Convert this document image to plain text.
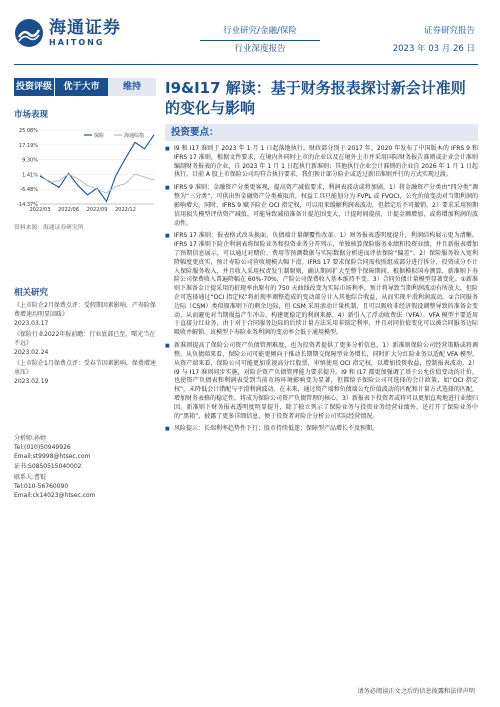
海通证券
HAITONG
行业研究/金融/保险
行业深度报告
证券研究报告
2023 年 03 月 26 日
投资评级	优于大市	维持
市场表现
25.08%
17.19%
9.30%
1.41%
-6.48%
-14.37%
2022/03 2022/06 2022/09 2022/12
保险	海通综指
资料来源：海通证券研究所
相关研究
《上市险企2月保费点评：受假期因素影响，产寿险保费增速均明显回暖》
2023.03.17
《保险行业2022年报前瞻：行业底部已至，曙光当在不远》
2023.02.24
《上市险企1月保费点评：受春节因素影响，保费增速承压》
2023.02.19
分析师:孙婷
Tel:(010)50949926
Email:st9998@htsec.com
证书:S0850515040002
联系人:曹锟
Tel:010-56760090
Email:ck14023@htsec.com
I9&I17 解读：基于财务报表探讨新会计准则的变化与影响
投资要点：
■ I9 和 I17 准则于 2023 年 1 月 1 日起落地执行。财政部分别于 2017 年、2020 年发布了中国版本的 IFRS 9 和 IFRS 17 准则，根据文件要求，在境内外同时上市的企业以及在境外上市并采用国际财务报告准则或企业会计准则编制财务报表的企业，自 2023 年 1 月 1 日起执行新准则；其他执行企业会计准则的企业自 2026 年 1 月 1 日起执行。目前 A 股上市保险公司均符合执行要求，我们预计部分险企或适过新旧准则并行的方式实现过渡。
■ IFRS 9 准则：金融资产分类更客观，提高资产减值要求，利润表波动或将加剧。1）将金融资产分类由“四分类”调整为“三分类”，可供出售金融资产分类被取消，权益工具只能划分为 FVPL 或 FVOCI，公允价值变动对当期利润的影响增大。同时，IFRS 9 赋予险企 OCI 指定权，可以用来缓解利润表波动，但指定后不可撤销。2）要求采用预期信用损失模型评估资产减值，可能导致减值准备计提范围变大，计提时间提前，计提金额增加，或将增加利润的波动性。
■ IFRS 17 准则：报表格式改头换面，负债端计量颠覆性改革。1）财务报表透明度提升，利润结构展示更为清晰。IFRS 17 准则下险企利润表将保险业务和投资业务分开列示，单独核算保险服务业绩和投资业绩，并且新报表增加了预期信息展示，可以通过对赌价、费用等预测数据与实际数据分析进而评估保险“偏差”。2）保险服务收入宽利降幅度更真实，预计寿险公司营收规模大幅下滑。IFRS 17 要求保险合同需按照组成部分进行拆分，投资成分不计入保险服务收入，并且收入采用权责发生制原则，确认期间扩大至整个保障期间。根据模拟国寿测算，新准则下寿险公司保费收入普遍降幅在 60%-70%，产险公司保费收入基本维持不变。3）合同负债计量模型显著变化。①新准则下准备金计提采用的折现率由原有的 750 天曲线改变为实际市场利率，预计将导致当期利润波动有所放大，但险企可选择通过“OCI 指定权”将折现率调整造成的变动部分计入其他综合收益，从而实现平滑利润波动。②合同服务边际（CSM）类似原准则下的剩余边际，但 CSM 采用滚动计量机制，且可以吸收非经济假设调整导致的准备金变动，从而避免对当期损益产生冲击，构建更稳定的利润来源。4）新引入了浮动收费法（VFA）。VFA 模型主要适用于直接分红业务，由于对于合同服务边际的后续计量方法采用非锁定利率，并且对同价值变化可以被合同服务边际吸收并解锁，该模型下寿险业务利润的变动率会低于通用模型。
■ 新准则提高了保险公司资产负债管理难度，也为投资者提供了更多分析信息。1）新准则保险公司经营策略或将调整。从负债端来看，保险公司可能更倾向于推动长期期交保障型业务增长，同时扩大分红险业务以适配 VFA 模型，从资产端来看，保险公司可能更加重视高分红股票，审慎使用 OCI 指定权，以增加投资收益，控制报表波动。2）I9 与 I17 准则同步实施，对险企资产负债管理能力要求提升。I9 和 I17 都更加强调了基于公允价值变动的计价，也使资产负债表和利润表受到当前市场环境影响变为显著，但都给予保险公司可选择的会计政策，如“OCI 指定权”，未降低会计错配与平滑利润波动。在未来，通过资产端和负债端公允价值波动的匹配和计量方式选择的匹配，增加财务表格的稳定性，将成为保险公司资产负债管理的核心。3）新报表下投资者或将可以更加直观地进行业绩归因。新准则下财务报表透明度明显提升，除了独立列示了保险业务与投资业务经营业绩外，还打开了保险业务中的“黑箱”，披露了更多详细信息，便于投资者对险企分析公司实际经营情况。
■ 风险提示：长端利率趋势性下行；股市持续低迷；保障型产品增长不及预期。
请务必阅读正文之后的信息披露和法律声明
